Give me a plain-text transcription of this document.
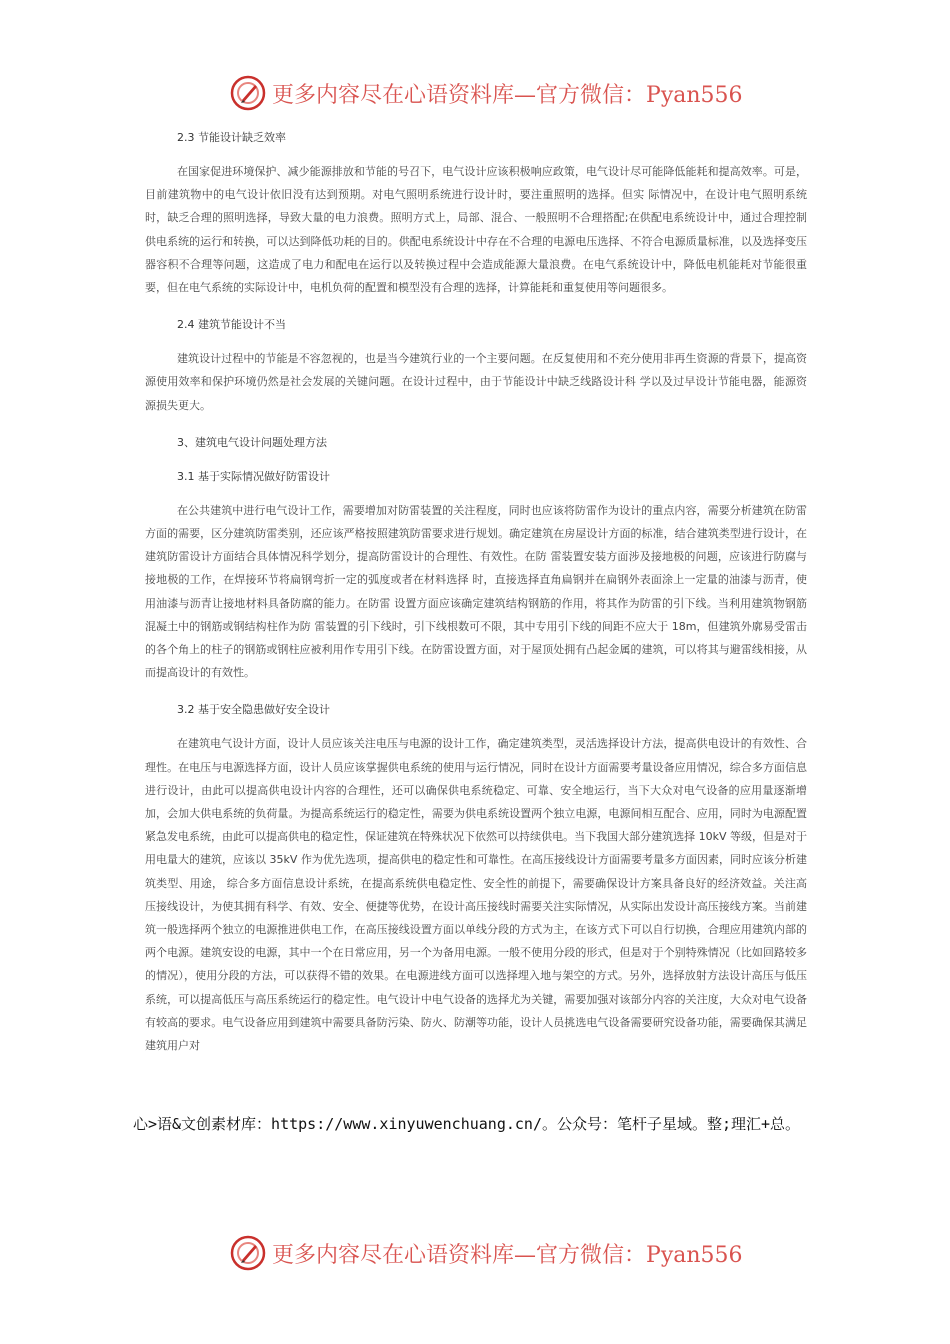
更多内容尽在心语资料库—官方微信：Pyan556

2.3 节能设计缺乏效率

在国家促进环境保护、减少能源排放和节能的号召下，电气设计应该积极响应政策，电气设计尽可能降低能耗和提高效率。可是，目前建筑物中的电气设计依旧没有达到预期。对电气照明系统进行设计时，要注重照明的选择。但实 际情况中，在设计电气照明系统时，缺乏合理的照明选择，导致大量的电力浪费。照明方式上，局部、混合、一般照明不合理搭配;在供配电系统设计中，通过合理控制供电系统的运行和转换，可以达到降低功耗的目的。供配电系统设计中存在不合理的电源电压选择、不符合电源质量标准，以及选择变压器容积不合理等问题，这造成了电力和配电在运行以及转换过程中会造成能源大量浪费。在电气系统设计中，降低电机能耗对节能很重要，但在电气系统的实际设计中，电机负荷的配置和模型没有合理的选择，计算能耗和重复使用等问题很多。

2.4 建筑节能设计不当

建筑设计过程中的节能是不容忽视的，也是当今建筑行业的一个主要问题。在反复使用和不充分使用非再生资源的背景下，提高资源使用效率和保护环境仍然是社会发展的关键问题。在设计过程中，由于节能设计中缺乏线路设计科 学以及过早设计节能电器，能源资源损失更大。

3、建筑电气设计问题处理方法

3.1 基于实际情况做好防雷设计

在公共建筑中进行电气设计工作，需要增加对防雷装置的关注程度，同时也应该将防雷作为设计的重点内容，需要分析建筑在防雷方面的需要，区分建筑防雷类别，还应该严格按照建筑防雷要求进行规划。确定建筑在房屋设计方面的标准，结合建筑类型进行设计，在建筑防雷设计方面结合具体情况科学划分，提高防雷设计的合理性、有效性。在防 雷装置安装方面涉及接地极的问题，应该进行防腐与接地极的工作，在焊接环节将扁钢弯折一定的弧度或者在材料选择 时，直接选择直角扁钢并在扁钢外表面涂上一定量的油漆与沥青，使用油漆与沥青让接地材料具备防腐的能力。在防雷 设置方面应该确定建筑结构钢筋的作用，将其作为防雷的引下线。当利用建筑物钢筋混凝土中的钢筋或钢结构柱作为防 雷装置的引下线时，引下线根数可不限，其中专用引下线的间距不应大于 18m，但建筑外廓易受雷击的各个角上的柱子的钢筋或钢柱应被利用作专用引下线。在防雷设置方面，对于屋顶处拥有凸起金属的建筑，可以将其与避雷线相接，从而提高设计的有效性。

3.2 基于安全隐患做好安全设计

在建筑电气设计方面，设计人员应该关注电压与电源的设计工作，确定建筑类型，灵活选择设计方法，提高供电设计的有效性、合理性。在电压与电源选择方面，设计人员应该掌握供电系统的使用与运行情况，同时在设计方面需要考量设备应用情况，综合多方面信息进行设计，由此可以提高供电设计内容的合理性，还可以确保供电系统稳定、可靠、安全地运行，当下大众对电气设备的应用量逐渐增加，会加大供电系统的负荷量。为提高系统运行的稳定性，需要为供电系统设置两个独立电源，电源间相互配合、应用，同时为电源配置紧急发电系统，由此可以提高供电的稳定性，保证建筑在特殊状况下依然可以持续供电。当下我国大部分建筑选择 10kV 等级，但是对于用电量大的建筑，应该以 35kV 作为优先选项，提高供电的稳定性和可靠性。在高压接线设计方面需要考量多方面因素，同时应该分析建筑类型、用途， 综合多方面信息设计系统，在提高系统供电稳定性、安全性的前提下，需要确保设计方案具备良好的经济效益。关注高压接线设计，为使其拥有科学、有效、安全、便捷等优势，在设计高压接线时需要关注实际情况，从实际出发设计高压接线方案。当前建筑一般选择两个独立的电源推进供电工作，在高压接线设置方面以单线分段的方式为主，在该方式下可以自行切换，合理应用建筑内部的两个电源。建筑安设的电源，其中一个在日常应用，另一个为备用电源。一般不使用分段的形式，但是对于个别特殊情况（比如回路较多的情况），使用分段的方法，可以获得不错的效果。在电源进线方面可以选择埋入地与架空的方式。另外，选择放射方法设计高压与低压系统，可以提高低压与高压系统运行的稳定性。电气设计中电气设备的选择尤为关键，需要加强对该部分内容的关注度，大众对电气设备有较高的要求。电气设备应用到建筑中需要具备防污染、防火、防潮等功能，设计人员挑选电气设备需要研究设备功能，需要确保其满足建筑用户对

心>语&文创素材库：https://www.xinyuwenchuang.cn/。公众号：笔杆子星域。整;理汇+总。
更多内容尽在心语资料库—官方微信：Pyan556
